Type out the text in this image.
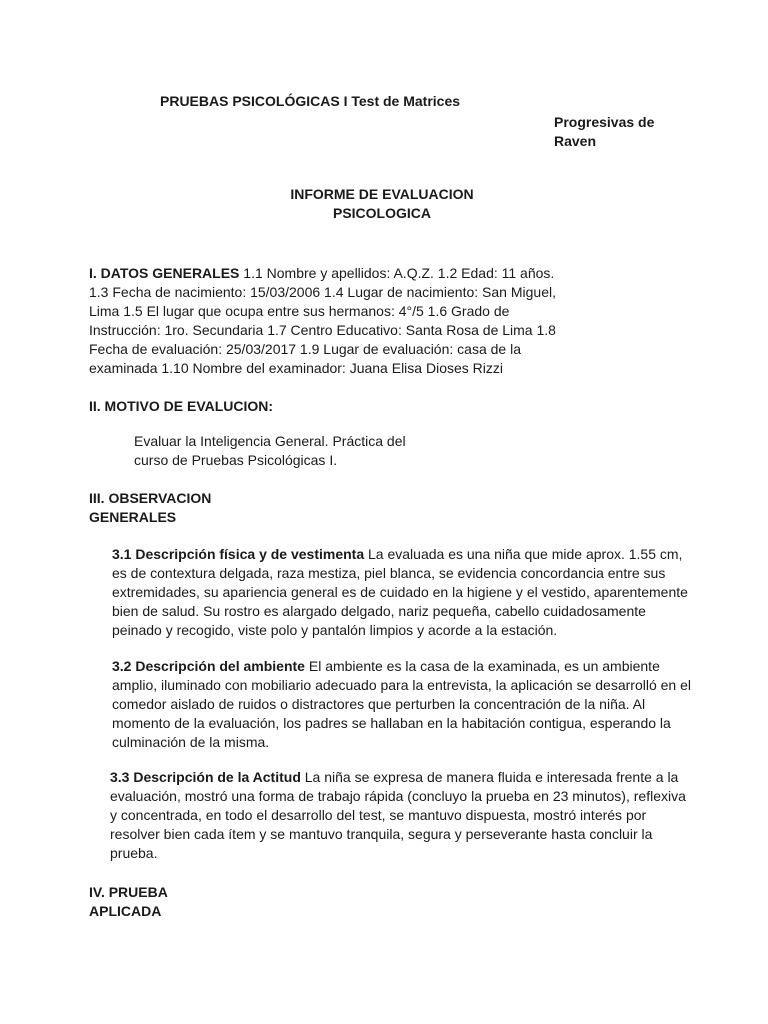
PRUEBAS PSICOLÓGICAS I Test de Matrices
Progresivas de
Raven
INFORME DE EVALUACION
PSICOLOGICA
I. DATOS GENERALES 1.1 Nombre y apellidos: A.Q.Z. 1.2 Edad: 11 años. 1.3 Fecha de nacimiento: 15/03/2006 1.4 Lugar de nacimiento: San Miguel, Lima 1.5 El lugar que ocupa entre sus hermanos: 4°/5 1.6 Grado de Instrucción: 1ro. Secundaria 1.7 Centro Educativo: Santa Rosa de Lima 1.8 Fecha de evaluación: 25/03/2017 1.9 Lugar de evaluación: casa de la examinada 1.10 Nombre del examinador: Juana Elisa Dioses Rizzi
II. MOTIVO DE EVALUCION:
Evaluar la Inteligencia General. Práctica del curso de Pruebas Psicológicas I.
III. OBSERVACION
GENERALES
3.1 Descripción física y de vestimenta La evaluada es una niña que mide aprox. 1.55 cm, es de contextura delgada, raza mestiza, piel blanca, se evidencia concordancia entre sus extremidades, su apariencia general es de cuidado en la higiene y el vestido, aparentemente bien de salud. Su rostro es alargado delgado, nariz pequeña, cabello cuidadosamente peinado y recogido, viste polo y pantalón limpios y acorde a la estación.
3.2 Descripción del ambiente El ambiente es la casa de la examinada, es un ambiente amplio, iluminado con mobiliario adecuado para la entrevista, la aplicación se desarrolló en el comedor aislado de ruidos o distractores que perturben la concentración de la niña. Al momento de la evaluación, los padres se hallaban en la habitación contigua, esperando la culminación de la misma.
3.3 Descripción de la Actitud La niña se expresa de manera fluida e interesada frente a la evaluación, mostró una forma de trabajo rápida (concluyo la prueba en 23 minutos), reflexiva y concentrada, en todo el desarrollo del test, se mantuvo dispuesta, mostró interés por resolver bien cada ítem y se mantuvo tranquila, segura y perseverante hasta concluir la prueba.
IV. PRUEBA
APLICADA
